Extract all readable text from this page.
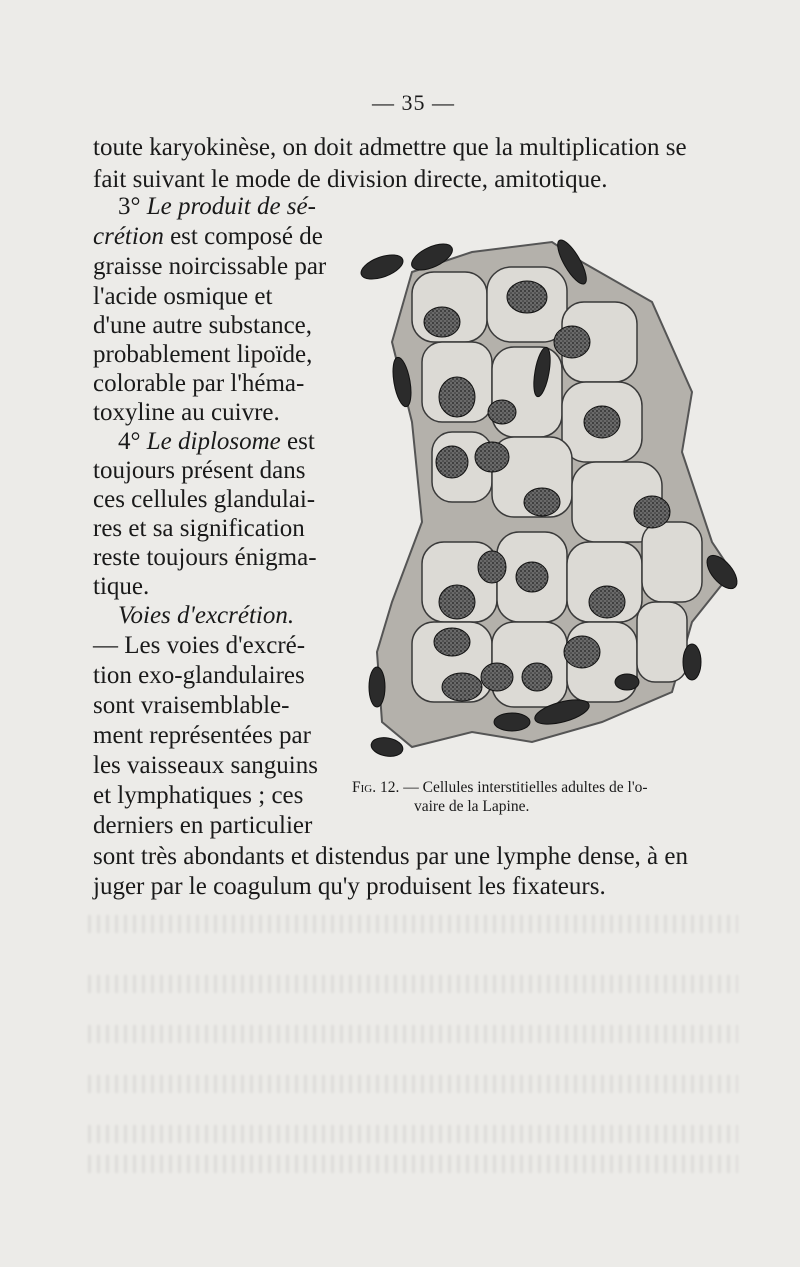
— 35 —
toute karyokinèse, on doit admettre que la multiplication se
fait suivant le mode de division directe, amitotique.
3° Le produit de sé-
crétion est composé de
graisse noircissable par
l'acide osmique et
d'une autre substance,
probablement lipoïde,
colorable par l'héma-
toxyline au cuivre.
4° Le diplosome est
toujours présent dans
ces cellules glandulai-
res et sa signification
reste toujours énigma-
tique.
Voies d'excrétion.
— Les voies d'excré-
tion exo-glandulaires
sont vraisemblable-
ment représentées par
les vaisseaux sanguins
et lymphatiques ; ces
derniers en particulier
sont très abondants et distendus par une lymphe dense, à en
juger par le coagulum qu'y produisent les fixateurs.
Fig. 12. — Cellules interstitielles adultes de l'o-
vaire de la Lapine.
